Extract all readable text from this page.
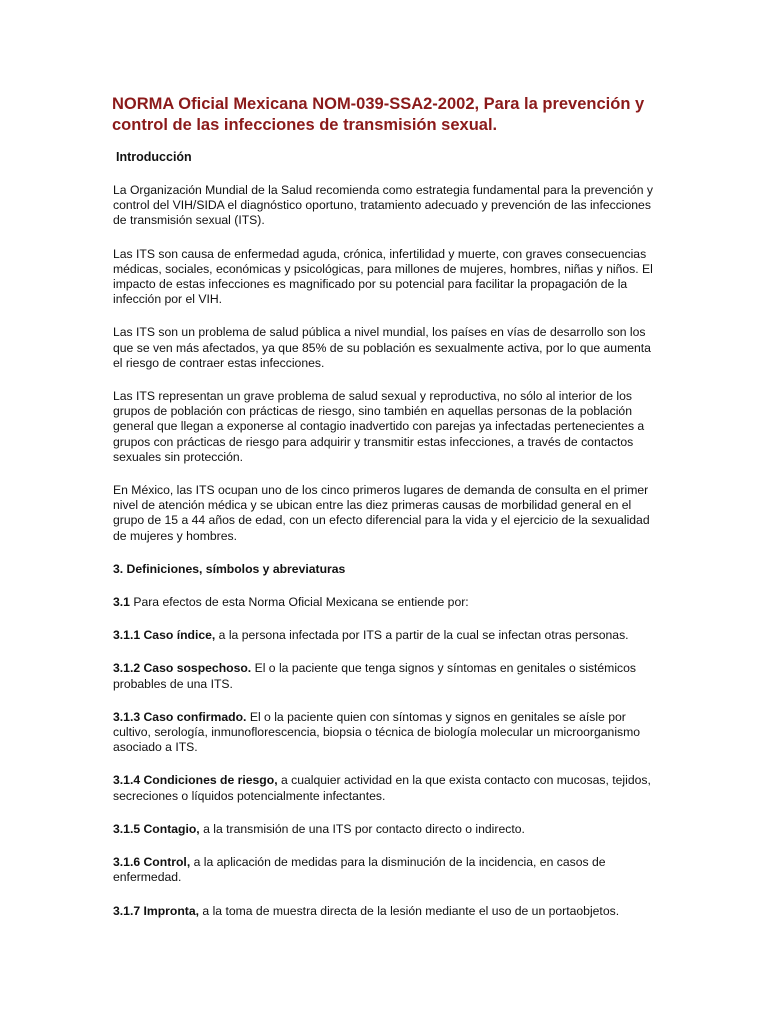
NORMA Oficial Mexicana NOM-039-SSA2-2002, Para la prevención y control de las infecciones de transmisión sexual.
Introducción

La Organización Mundial de la Salud recomienda como estrategia fundamental para la prevención y control del VIH/SIDA el diagnóstico oportuno, tratamiento adecuado y prevención de las infecciones de transmisión sexual (ITS).

Las ITS son causa de enfermedad aguda, crónica, infertilidad y muerte, con graves consecuencias médicas, sociales, económicas y psicológicas, para millones de mujeres, hombres, niñas y niños. El impacto de estas infecciones es magnificado por su potencial para facilitar la propagación de la infección por el VIH.

Las ITS son un problema de salud pública a nivel mundial, los países en vías de desarrollo son los que se ven más afectados, ya que 85% de su población es sexualmente activa, por lo que aumenta el riesgo de contraer estas infecciones.

Las ITS representan un grave problema de salud sexual y reproductiva, no sólo al interior de los grupos de población con prácticas de riesgo, sino también en aquellas personas de la población general que llegan a exponerse al contagio inadvertido con parejas ya infectadas pertenecientes a grupos con prácticas de riesgo para adquirir y transmitir estas infecciones, a través de contactos sexuales sin protección.

En México, las ITS ocupan uno de los cinco primeros lugares de demanda de consulta en el primer nivel de atención médica y se ubican entre las diez primeras causas de morbilidad general en el grupo de 15 a 44 años de edad, con un efecto diferencial para la vida y el ejercicio de la sexualidad de mujeres y hombres.

3. Definiciones, símbolos y abreviaturas

3.1 Para efectos de esta Norma Oficial Mexicana se entiende por:

3.1.1 Caso índice, a la persona infectada por ITS a partir de la cual se infectan otras personas.

3.1.2 Caso sospechoso. El o la paciente que tenga signos y síntomas en genitales o sistémicos probables de una ITS.

3.1.3 Caso confirmado. El o la paciente quien con síntomas y signos en genitales se aísle por cultivo, serología, inmunoflorescencia, biopsia o técnica de biología molecular un microorganismo asociado a ITS.

3.1.4 Condiciones de riesgo, a cualquier actividad en la que exista contacto con mucosas, tejidos, secreciones o líquidos potencialmente infectantes.

3.1.5 Contagio, a la transmisión de una ITS por contacto directo o indirecto.

3.1.6 Control, a la aplicación de medidas para la disminución de la incidencia, en casos de enfermedad.

3.1.7 Impronta, a la toma de muestra directa de la lesión mediante el uso de un portaobjetos.
